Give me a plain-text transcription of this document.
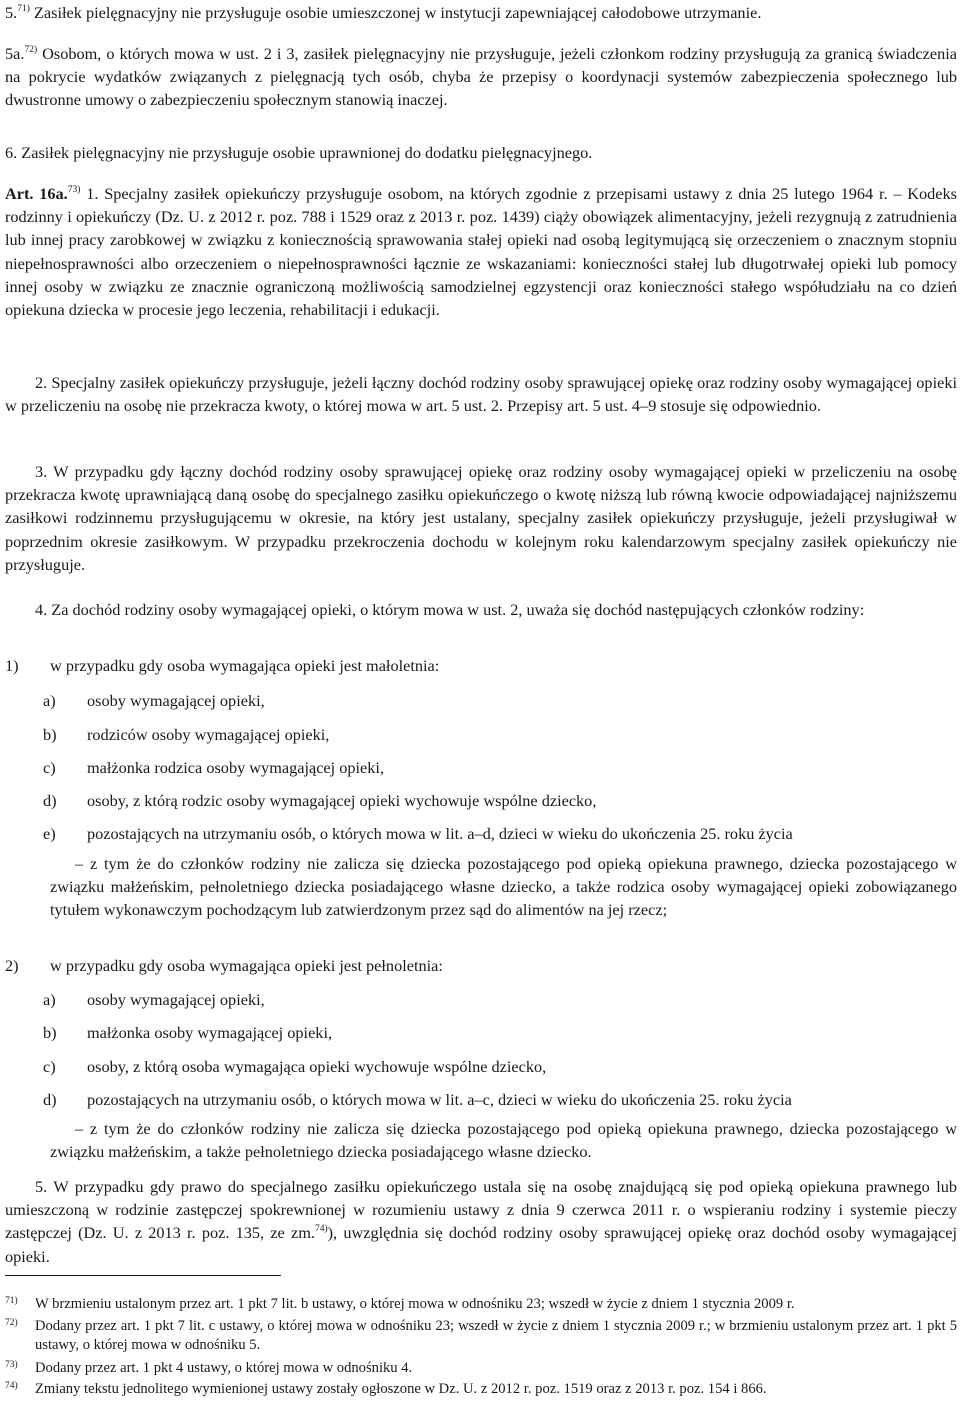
5.$^{71)}$ Zasiłek pielęgnacyjny nie przysługuje osobie umieszczonej w instytucji zapewniającej całodobowe utrzymanie.

5a.$^{72)}$ Osobom, o których mowa w ust. 2 i 3, zasiłek pielęgnacyjny nie przysługuje, jeżeli członkom rodziny przysługują za granicą świadczenia na pokrycie wydatków związanych z pielęgnacją tych osób, chyba że przepisy o koordynacji systemów zabezpieczenia społecznego lub dwustronne umowy o zabezpieczeniu społecznym stanowią inaczej.

6. Zasiłek pielęgnacyjny nie przysługuje osobie uprawnionej do dodatku pielęgnacyjnego.

Art. 16a.$^{73)}$ 1. Specjalny zasiłek opiekuńczy przysługuje osobom, na których zgodnie z przepisami ustawy z dnia 25 lutego 1964 r. – Kodeks rodzinny i opiekuńczy (Dz. U. z 2012 r. poz. 788 i 1529 oraz z 2013 r. poz. 1439) ciąży obowiązek alimentacyjny, jeżeli rezygnują z zatrudnienia lub innej pracy zarobkowej w związku z koniecznością sprawowania stałej opieki nad osobą legitymującą się orzeczeniem o znacznym stopniu niepełnosprawności albo orzeczeniem o niepełnosprawności łącznie ze wskazaniami: konieczności stałej lub długotrwałej opieki lub pomocy innej osoby w związku ze znacznie ograniczoną możliwością samodzielnej egzystencji oraz konieczności stałego współudziału na co dzień opiekuna dziecka w procesie jego leczenia, rehabilitacji i edukacji.

2. Specjalny zasiłek opiekuńczy przysługuje, jeżeli łączny dochód rodziny osoby sprawującej opiekę oraz rodziny osoby wymagającej opieki w przeliczeniu na osobę nie przekracza kwoty, o której mowa w art. 5 ust. 2. Przepisy art. 5 ust. 4–9 stosuje się odpowiednio.

3. W przypadku gdy łączny dochód rodziny osoby sprawującej opiekę oraz rodziny osoby wymagającej opieki w przeliczeniu na osobę przekracza kwotę uprawniającą daną osobę do specjalnego zasiłku opiekuńczego o kwotę niższą lub równą kwocie odpowiadającej najniższemu zasiłkowi rodzinnemu przysługującemu w okresie, na który jest ustalany, specjalny zasiłek opiekuńczy przysługuje, jeżeli przysługiwał w poprzednim okresie zasiłkowym. W przypadku przekroczenia dochodu w kolejnym roku kalendarzowym specjalny zasiłek opiekuńczy nie przysługuje.

4. Za dochód rodziny osoby wymagającej opieki, o którym mowa w ust. 2, uważa się dochód następujących członków rodziny:

1) w przypadku gdy osoba wymagająca opieki jest małoletnia:
a) osoby wymagającej opieki,
b) rodziców osoby wymagającej opieki,
c) małżonka rodzica osoby wymagającej opieki,
d) osoby, z którą rodzic osoby wymagającej opieki wychowuje wspólne dziecko,
e) pozostających na utrzymaniu osób, o których mowa w lit. a–d, dzieci w wieku do ukończenia 25. roku życia

– z tym że do członków rodziny nie zalicza się dziecka pozostającego pod opieką opiekuna prawnego, dziecka pozostającego w związku małżeńskim, pełnoletniego dziecka posiadającego własne dziecko, a także rodzica osoby wymagającej opieki zobowiązanego tytułem wykonawczym pochodzącym lub zatwierdzonym przez sąd do alimentów na jej rzecz;

2) w przypadku gdy osoba wymagająca opieki jest pełnoletnia:
a) osoby wymagającej opieki,
b) małżonka osoby wymagającej opieki,
c) osoby, z którą osoba wymagająca opieki wychowuje wspólne dziecko,
d) pozostających na utrzymaniu osób, o których mowa w lit. a–c, dzieci w wieku do ukończenia 25. roku życia

– z tym że do członków rodziny nie zalicza się dziecka pozostającego pod opieką opiekuna prawnego, dziecka pozostającego w związku małżeńskim, a także pełnoletniego dziecka posiadającego własne dziecko.

5. W przypadku gdy prawo do specjalnego zasiłku opiekuńczego ustala się na osobę znajdującą się pod opieką opiekuna prawnego lub umieszczoną w rodzinie zastępczej spokrewnionej w rozumieniu ustawy z dnia 9 czerwca 2011 r. o wspieraniu rodziny i systemie pieczy zastępczej (Dz. U. z 2013 r. poz. 135, ze zm.$^{74)}$), uwzględnia się dochód rodziny osoby sprawującej opiekę oraz dochód osoby wymagającej opieki.

71) W brzmieniu ustalonym przez art. 1 pkt 7 lit. b ustawy, o której mowa w odnośniku 23; wszedł w życie z dniem 1 stycznia 2009 r.
72) Dodany przez art. 1 pkt 7 lit. c ustawy, o której mowa w odnośniku 23; wszedł w życie z dniem 1 stycznia 2009 r.; w brzmieniu ustalonym przez art. 1 pkt 5 ustawy, o której mowa w odnośniku 5.
73) Dodany przez art. 1 pkt 4 ustawy, o której mowa w odnośniku 4.
74) Zmiany tekstu jednolitego wymienionej ustawy zostały ogłoszone w Dz. U. z 2012 r. poz. 1519 oraz z 2013 r. poz. 154 i 866.
